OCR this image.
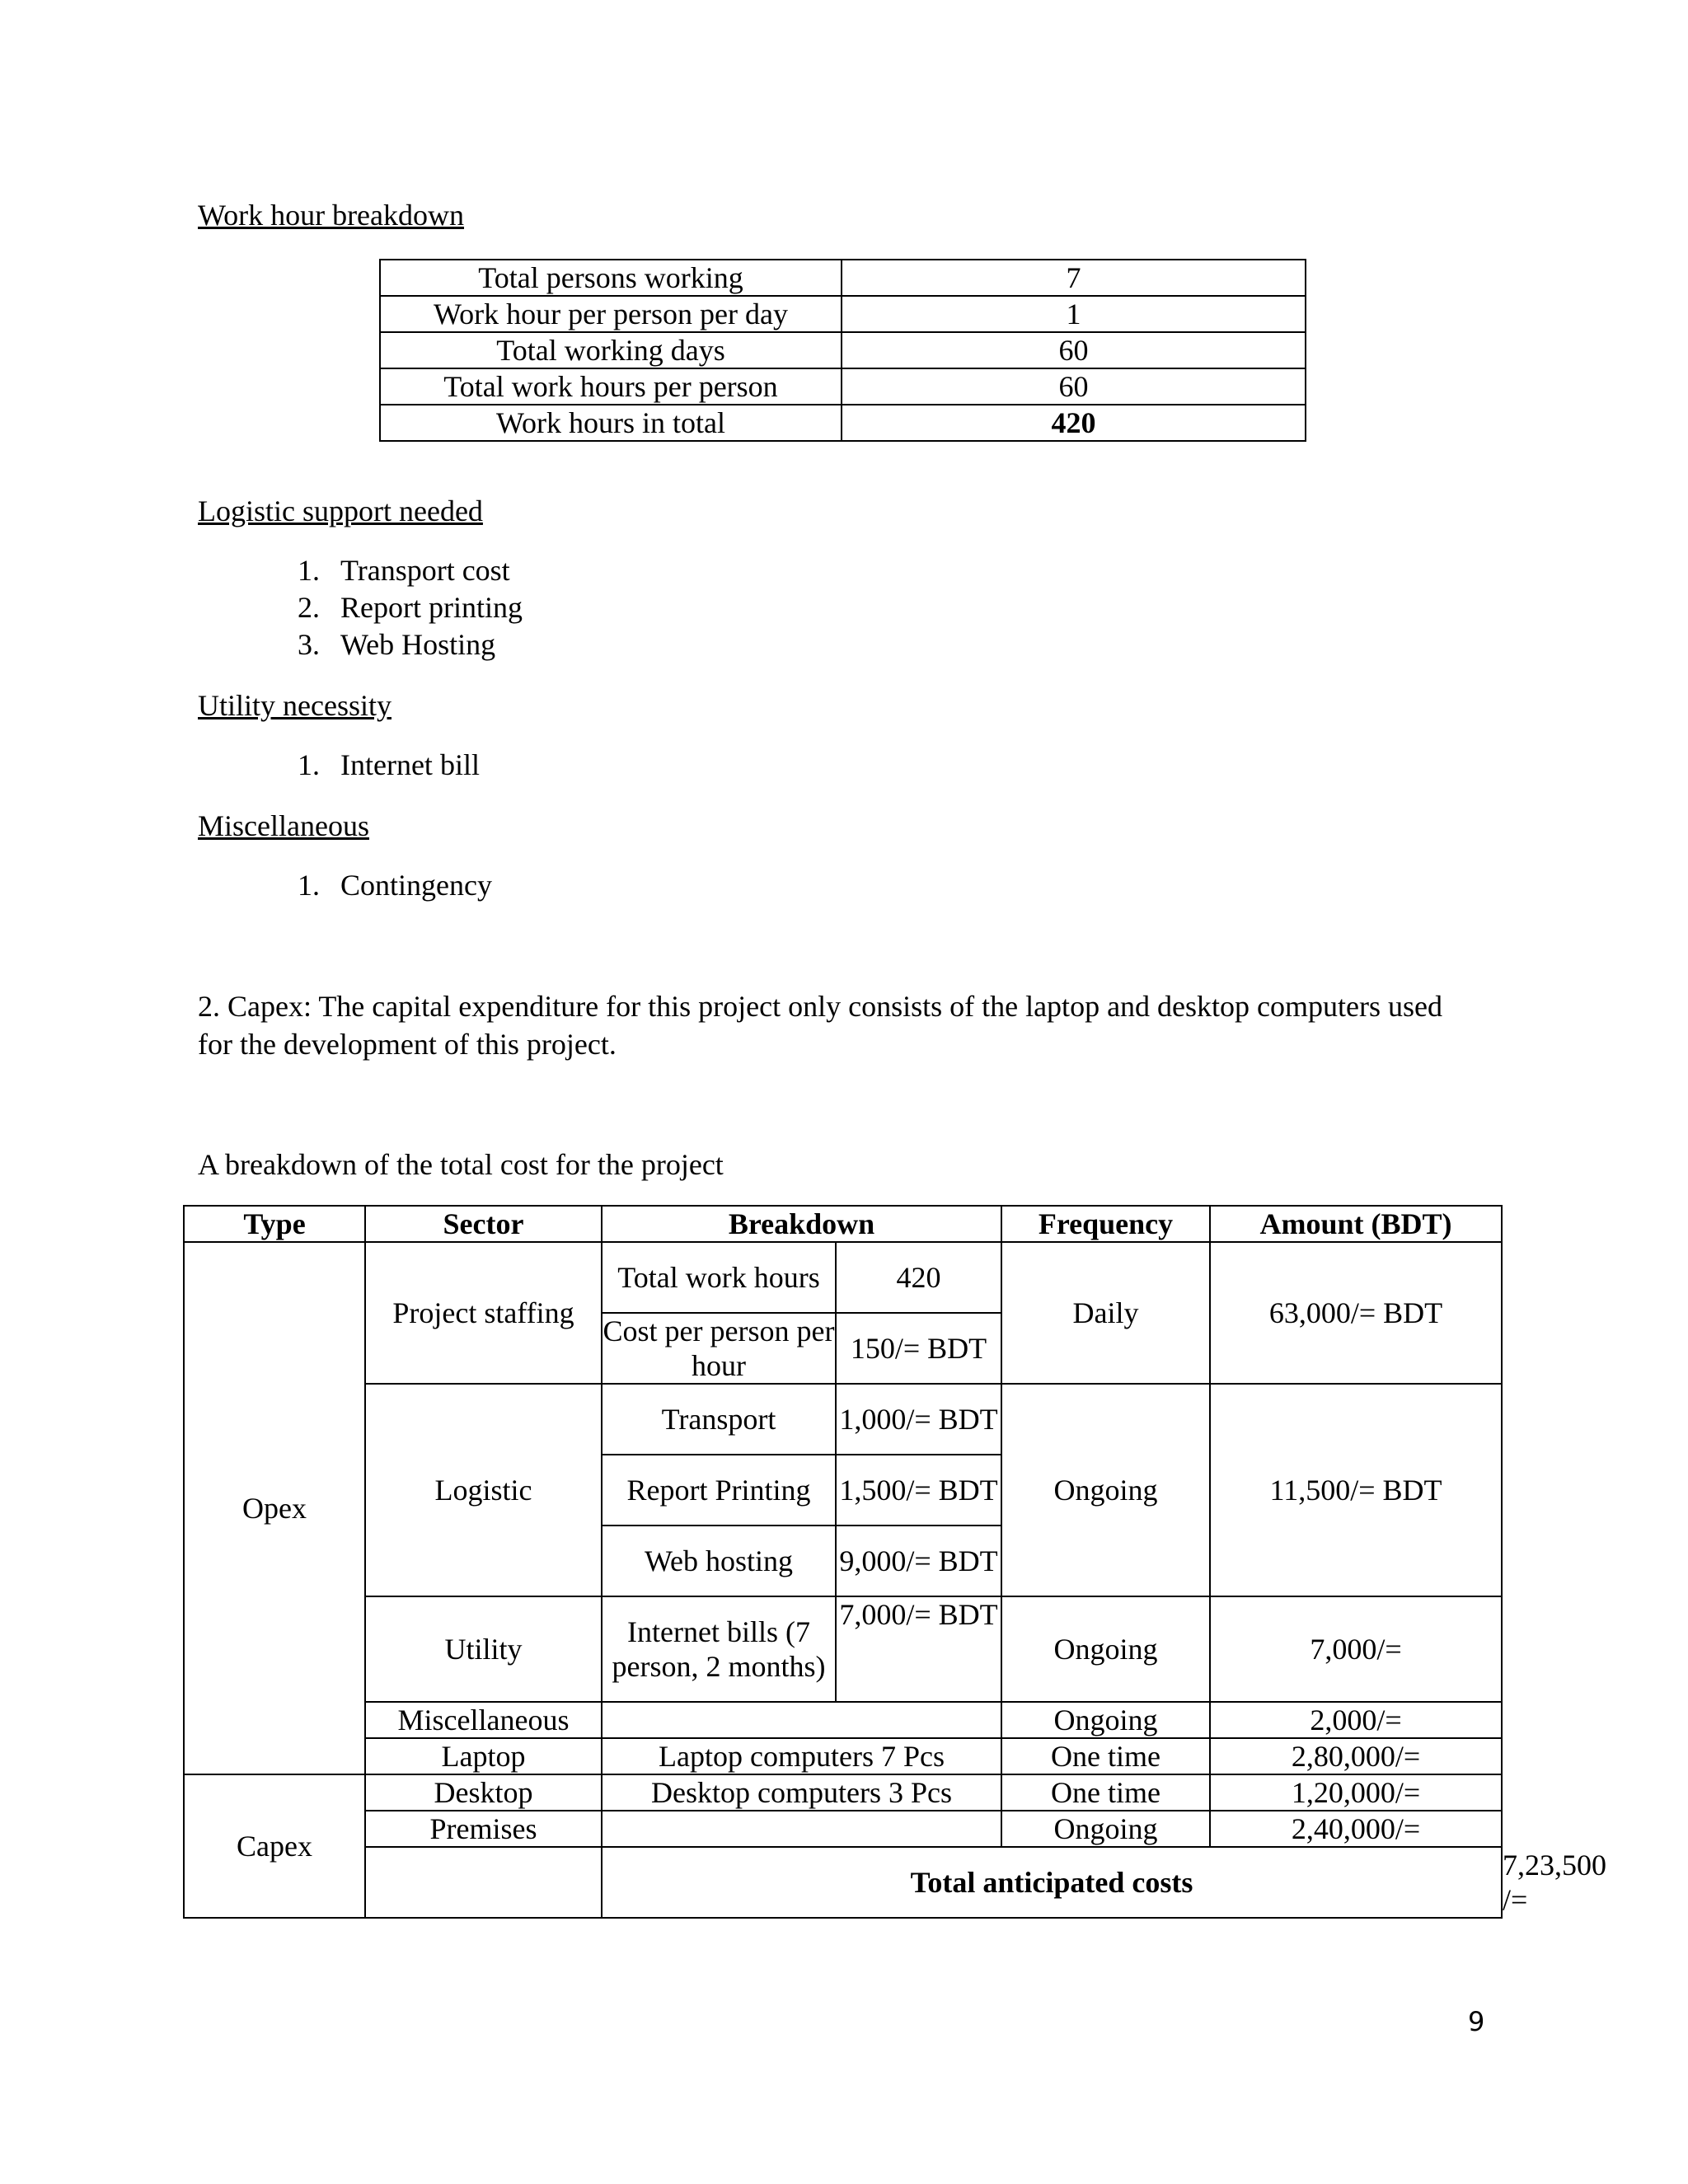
Work hour breakdown
Total persons working	7
Work hour per person per day	1
Total working days	60
Total work hours per person	60
Work hours in total	420
Logistic support needed
1. Transport cost
2. Report printing
3. Web Hosting
Utility necessity
1. Internet bill
Miscellaneous
1. Contingency
2. Capex: The capital expenditure for this project only consists of the laptop and desktop computers used for the development of this project.
A breakdown of the total cost for the project
Type	Sector	Breakdown		Frequency	Amount (BDT)	
Opex	Project staffing	Total work hours	420	Daily	63,000/= BDT	
		Cost per person per hour	150/= BDT			
	Logistic	Transport	1,000/= BDT	Ongoing	11,500/= BDT	
		Report Printing	1,500/= BDT			
		Web hosting	9,000/= BDT			
	Utility	Internet bills (7 person, 2 months)	7,000/= BDT	Ongoing	7,000/=	
	Miscellaneous			Ongoing	2,000/=	
	Laptop	Laptop computers 7 Pcs		One time	2,80,000/=	
Capex	Desktop	Desktop computers 3 Pcs		One time	1,20,000/=	
	Premises			Ongoing	2,40,000/=	
		Total anticipated costs				7,23,500 /=
9
